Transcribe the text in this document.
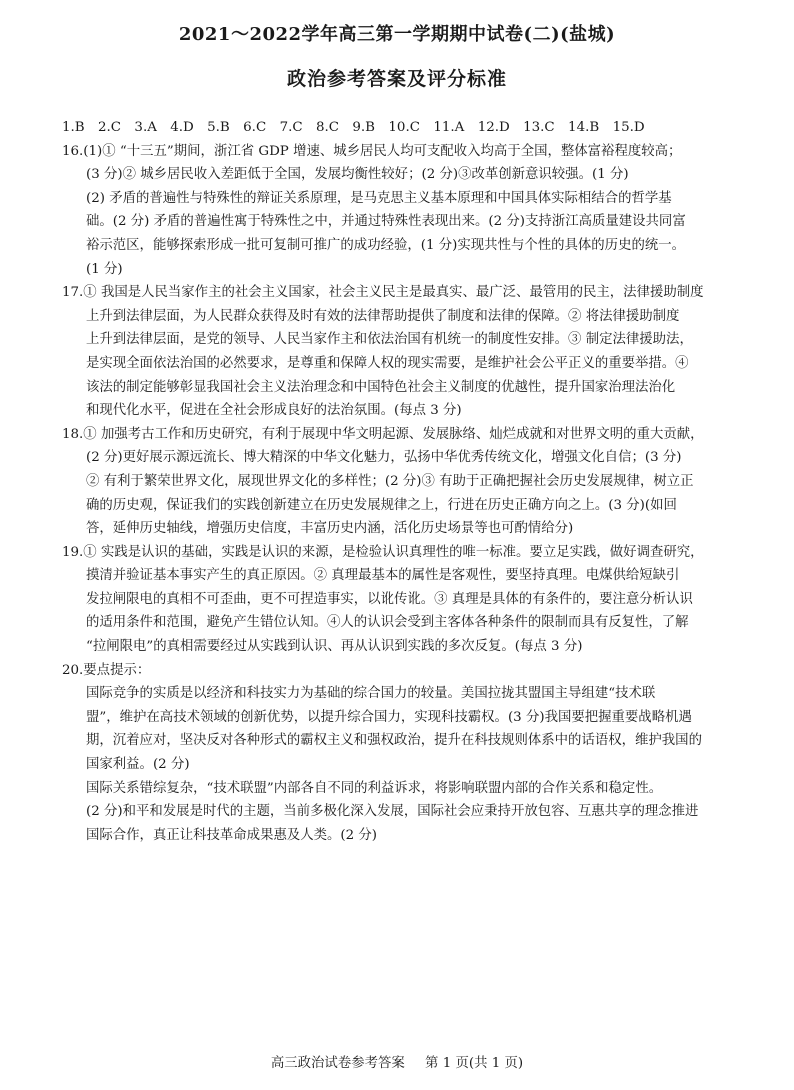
2021～2022学年高三第一学期期中试卷(二)(盐城)
政治参考答案及评分标准
1.B　2.C　3.A　4.D　5.B　6.C　7.C　8.C　9.B　10.C　11.A　12.D　13.C　14.B　15.D
16.(1)① “十三五”期间，浙江省 GDP 增速、城乡居民人均可支配收入均高于全国，整体富裕程度较高；
(3 分)② 城乡居民收入差距低于全国，发展均衡性较好；(2 分)③改革创新意识较强。(1 分)
(2) 矛盾的普遍性与特殊性的辩证关系原理，是马克思主义基本原理和中国具体实际相结合的哲学基
础。(2 分) 矛盾的普遍性寓于特殊性之中，并通过特殊性表现出来。(2 分)支持浙江高质量建设共同富
裕示范区，能够探索形成一批可复制可推广的成功经验，(1 分)实现共性与个性的具体的历史的统一。
(1 分)
17.① 我国是人民当家作主的社会主义国家，社会主义民主是最真实、最广泛、最管用的民主，法律援助制度
上升到法律层面，为人民群众获得及时有效的法律帮助提供了制度和法律的保障。② 将法律援助制度
上升到法律层面，是党的领导、人民当家作主和依法治国有机统一的制度性安排。③ 制定法律援助法，
是实现全面依法治国的必然要求，是尊重和保障人权的现实需要，是维护社会公平正义的重要举措。④
该法的制定能够彰显我国社会主义法治理念和中国特色社会主义制度的优越性，提升国家治理法治化
和现代化水平，促进在全社会形成良好的法治氛围。(每点 3 分)
18.① 加强考古工作和历史研究，有利于展现中华文明起源、发展脉络、灿烂成就和对世界文明的重大贡献，
(2 分)更好展示源远流长、博大精深的中华文化魅力，弘扬中华优秀传统文化，增强文化自信；(3 分)
② 有利于繁荣世界文化，展现世界文化的多样性；(2 分)③ 有助于正确把握社会历史发展规律，树立正
确的历史观，保证我们的实践创新建立在历史发展规律之上，行进在历史正确方向之上。(3 分)(如回
答，延伸历史轴线，增强历史信度，丰富历史内涵，活化历史场景等也可酌情给分)
19.① 实践是认识的基础，实践是认识的来源，是检验认识真理性的唯一标准。要立足实践，做好调查研究，
摸清并验证基本事实产生的真正原因。② 真理最基本的属性是客观性，要坚持真理。电煤供给短缺引
发拉闸限电的真相不可歪曲，更不可捏造事实，以讹传讹。③ 真理是具体的有条件的，要注意分析认识
的适用条件和范围，避免产生错位认知。④人的认识会受到主客体各种条件的限制而具有反复性，了解
“拉闸限电”的真相需要经过从实践到认识、再从认识到实践的多次反复。(每点 3 分)
20.要点提示：
国际竞争的实质是以经济和科技实力为基础的综合国力的较量。美国拉拢其盟国主导组建“技术联
盟”，维护在高技术领域的创新优势，以提升综合国力，实现科技霸权。(3 分)我国要把握重要战略机遇
期，沉着应对，坚决反对各种形式的霸权主义和强权政治，提升在科技规则体系中的话语权，维护我国的
国家利益。(2 分)
国际关系错综复杂，“技术联盟”内部各自不同的利益诉求，将影响联盟内部的合作关系和稳定性。
(2 分)和平和发展是时代的主题，当前多极化深入发展，国际社会应秉持开放包容、互惠共享的理念推进
国际合作，真正让科技革命成果惠及人类。(2 分)
高三政治试卷参考答案 第 1 页(共 1 页)
